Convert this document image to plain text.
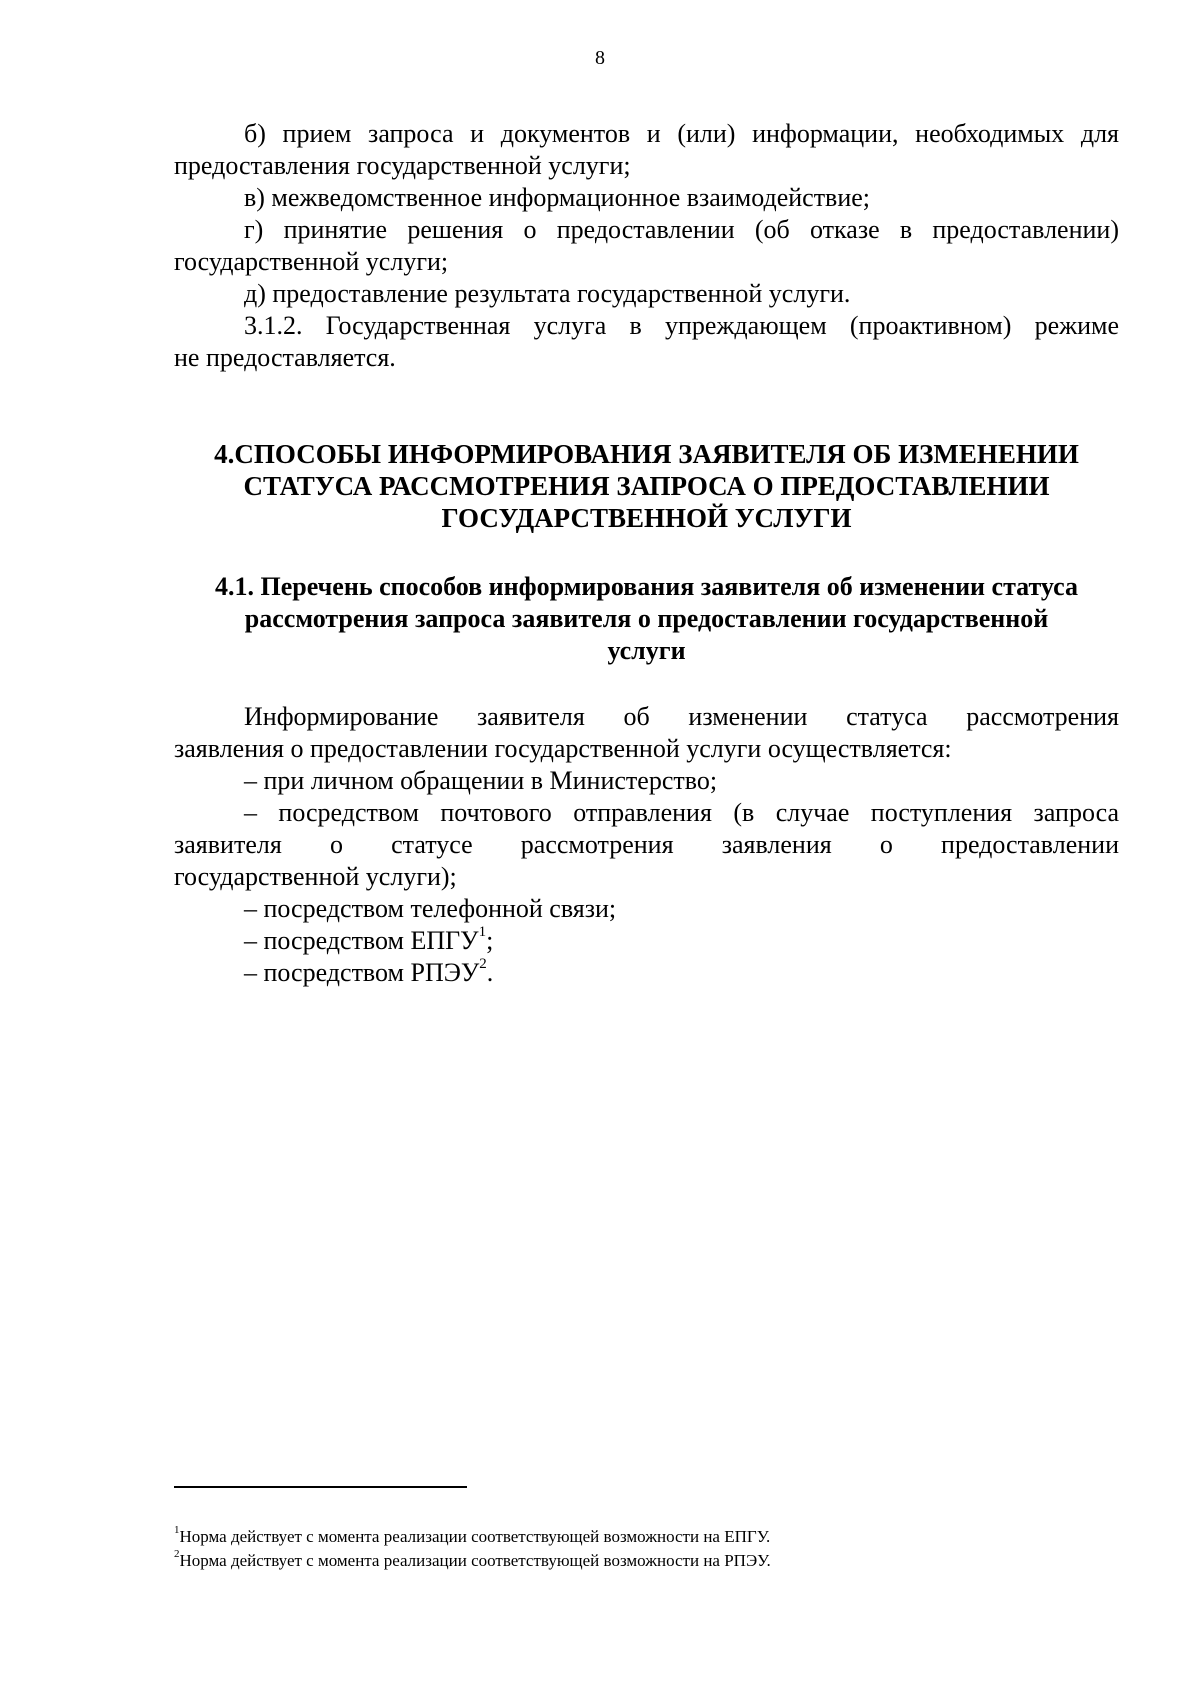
8
б) прием запроса и документов и (или) информации, необходимых для
предоставления государственной услуги;
в) межведомственное информационное взаимодействие;
г) принятие решения о предоставлении (об отказе в предоставлении)
государственной услуги;
д) предоставление результата государственной услуги.
3.1.2. Государственная услуга в упреждающем (проактивном) режиме
не предоставляется.
4.СПОСОБЫ ИНФОРМИРОВАНИЯ ЗАЯВИТЕЛЯ ОБ ИЗМЕНЕНИИ
СТАТУСА РАССМОТРЕНИЯ ЗАПРОСА О ПРЕДОСТАВЛЕНИИ
ГОСУДАРСТВЕННОЙ УСЛУГИ
4.1. Перечень способов информирования заявителя об изменении статуса
рассмотрения запроса заявителя о предоставлении государственной
услуги
Информирование заявителя об изменении статуса рассмотрения
заявления о предоставлении государственной услуги осуществляется:
– при личном обращении в Министерство;
– посредством почтового отправления (в случае поступления запроса
заявителя о статусе рассмотрения заявления о предоставлении
государственной услуги);
– посредством телефонной связи;
– посредством ЕПГУ$^1$;
– посредством РПЭУ$^2$.
$^1$Норма действует с момента реализации соответствующей возможности на ЕПГУ.
$^2$Норма действует с момента реализации соответствующей возможности на РПЭУ.
